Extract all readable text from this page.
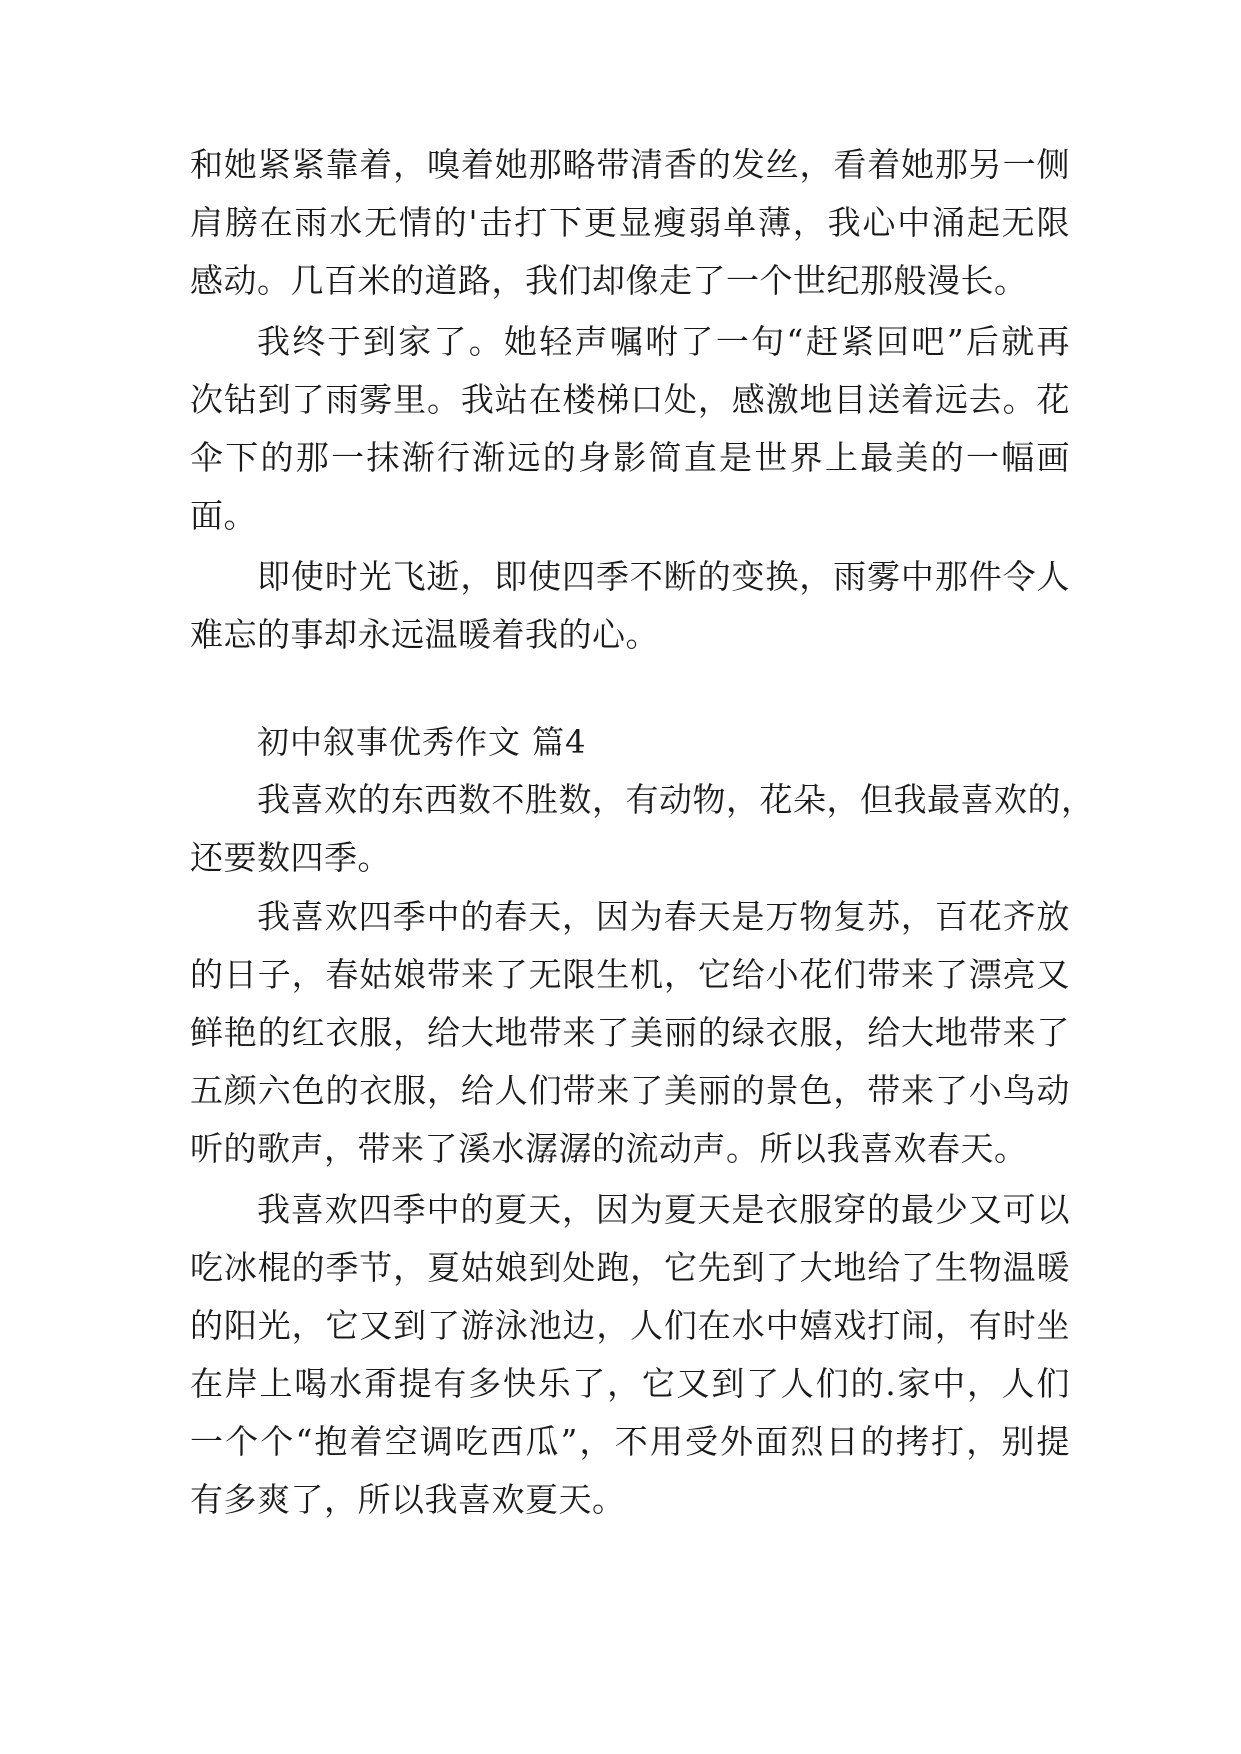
和她紧紧靠着，嗅着她那略带清香的发丝，看着她那另一侧
肩膀在雨水无情的'击打下更显瘦弱单薄，我心中涌起无限
感动。几百米的道路，我们却像走了一个世纪那般漫长。
我终于到家了。她轻声嘱咐了一句“赶紧回吧”后就再
次钻到了雨雾里。我站在楼梯口处，感激地目送着远去。花
伞下的那一抹渐行渐远的身影简直是世界上最美的一幅画
面。
即使时光飞逝，即使四季不断的变换，雨雾中那件令人
难忘的事却永远温暖着我的心。
初中叙事优秀作文 篇4
我喜欢的东西数不胜数，有动物，花朵，但我最喜欢的，
还要数四季。
我喜欢四季中的春天，因为春天是万物复苏，百花齐放
的日子，春姑娘带来了无限生机，它给小花们带来了漂亮又
鲜艳的红衣服，给大地带来了美丽的绿衣服，给大地带来了
五颜六色的衣服，给人们带来了美丽的景色，带来了小鸟动
听的歌声，带来了溪水潺潺的流动声。所以我喜欢春天。
我喜欢四季中的夏天，因为夏天是衣服穿的最少又可以
吃冰棍的季节，夏姑娘到处跑，它先到了大地给了生物温暖
的阳光，它又到了游泳池边，人们在水中嬉戏打闹，有时坐
在岸上喝水甭提有多快乐了，它又到了人们的.家中，人们
一个个“抱着空调吃西瓜”，不用受外面烈日的拷打，别提
有多爽了，所以我喜欢夏天。
